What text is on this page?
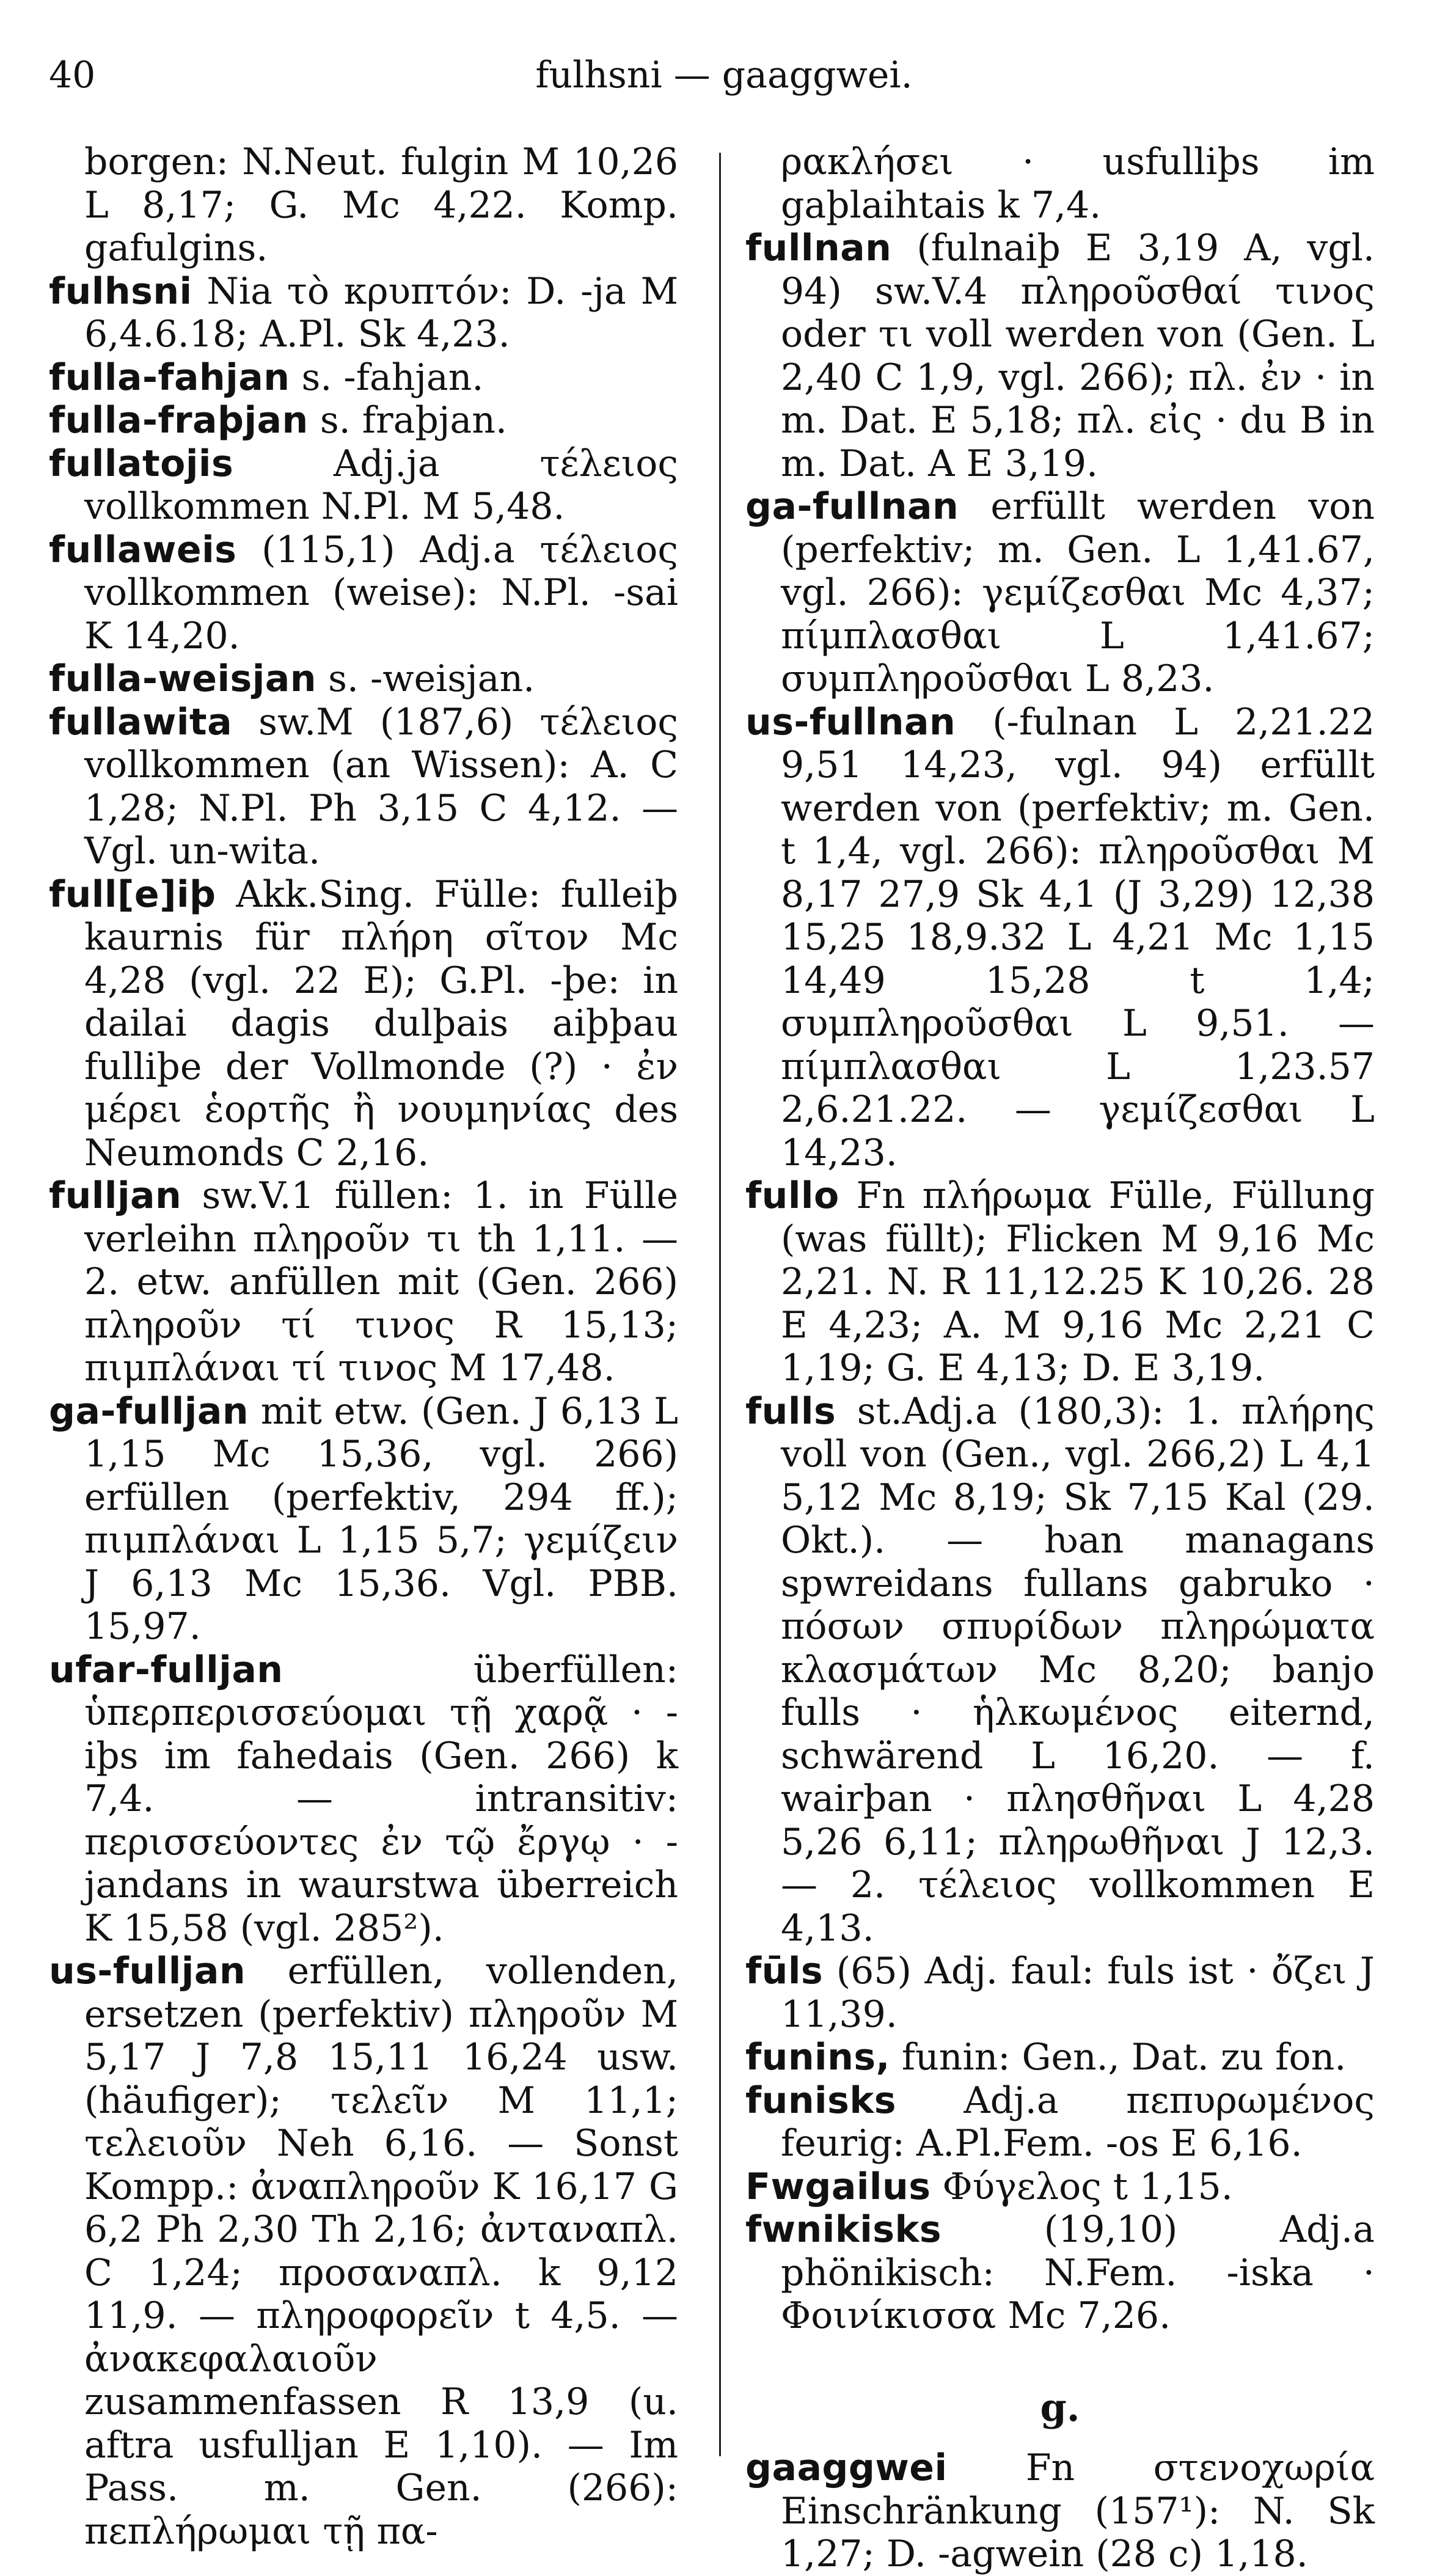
40	fulhsni — gaaggwei.

borgen: N.Neut. fulgin M 10,26 L 8,17; G. Mc 4,22. Komp. gafulgins.

fulhsni Nia τὸ κρυπτόν: D. -ja M 6,4.6.18; A.Pl. Sk 4,23.

fulla-fahjan s. -fahjan.

fulla-fraþjan s. fraþjan.

fullatojis	Adj.ja τέλειος vollkommen N.Pl. M 5,48.

fullaweis (115,1) Adj.a τέλειος vollkommen (weise): N.Pl. -sai K 14,20.

fulla-weisjan s. -weisjan.

fullawita sw.M (187,6) τέλειος vollkommen (an Wissen): A. C 1,28; N.Pl. Ph 3,15 C 4,12. — Vgl. un-wita.

full[e]iþ Akk.Sing. Fülle: fulleiþ kaurnis für πλήρη σῖτον Mc 4,28 (vgl. 22 E); G.Pl. -þe: in dailai dagis dulþais aiþþau fulliþe der Vollmonde (?) · ἐν μέρει ἑορτῆς ἢ νουμηνίας des Neumonds C 2,16.

fulljan sw.V.1 füllen: 1. in Fülle verleihn πληροῦν τι th 1,11. — 2. etw. anfüllen mit (Gen. 266) πληροῦν τί τινος R 15,13; πιμπλάναι τί τινος M 17,48.

ga-fulljan mit etw. (Gen. J 6,13 L 1,15 Mc 15,36, vgl. 266) erfüllen (perfektiv, 294 ff.); πιμπλάναι L 1,15 5,7; γεμίζειν J 6,13 Mc 15,36. Vgl. PBB. 15,97.

ufar-fulljan	überfüllen: ὑπερπερισσεύομαι τῇ χαρᾷ · -iþs im fahedais (Gen. 266) k 7,4. — intransitiv: περισσεύοντες ἐν τῷ ἔργῳ · -jandans in waurstwa überreich K 15,58 (vgl. 285²).

us-fulljan erfüllen, vollenden, ersetzen (perfektiv) πληροῦν M 5,17 J 7,8 15,11 16,24 usw. (häufiger); τελεῖν M 11,1; τελειοῦν Neh 6,16. — Sonst Kompp.: ἀναπληροῦν K 16,17 G 6,2 Ph 2,30 Th 2,16; ἀνταναπλ. C 1,24; προσαναπλ. k 9,12 11,9. — πληροφορεῖν t 4,5. — ἀνακεφαλαιοῦν zusammenfassen R 13,9 (u. aftra usfulljan E 1,10). — Im Pass. m. Gen. (266): πεπλήρωμαι τῇ πα-

ρακλήσει · usfulliþs im gaþlaihtais k 7,4.

fullnan (fulnaiþ E 3,19 A, vgl. 94) sw.V.4 πληροῦσθαί τινος oder τι voll werden von (Gen. L 2,40 C 1,9, vgl. 266); πλ. ἐν · in m. Dat. E 5,18; πλ. εἰς · du B in m. Dat. A E 3,19.

ga-fullnan erfüllt werden von (perfektiv; m. Gen. L 1,41.67, vgl. 266): γεμίζεσθαι Mc 4,37; πίμπλασθαι L 1,41.67; συμπληροῦσθαι L 8,23.

us-fullnan (-fulnan L 2,21.22 9,51 14,23, vgl. 94) erfüllt werden von (perfektiv; m. Gen. t 1,4, vgl. 266): πληροῦσθαι M 8,17 27,9 Sk 4,1 (J 3,29) 12,38 15,25 18,9.32 L 4,21 Mc 1,15 14,49 15,28 t 1,4; συμπληροῦσθαι L 9,51. — πίμπλασθαι L 1,23.57 2,6.21.22. — γεμίζεσθαι L 14,23.

fullo Fn πλήρωμα Fülle, Füllung (was füllt); Flicken M 9,16 Mc 2,21. N. R 11,12.25 K 10,26. 28 E 4,23; A. M 9,16 Mc 2,21 C 1,19; G. E 4,13; D. E 3,19.

fulls st.Adj.a (180,3): 1. πλήρης voll von (Gen., vgl. 266,2) L 4,1 5,12 Mc 8,19; Sk 7,15 Kal (29. Okt.). — ƕan managans spwreidans fullans gabruko · πόσων σπυρίδων πληρώματα κλασμάτων Mc 8,20; banjo fulls · ἡλκωμένος eiternd, schwärend L 16,20. — f. wairþan · πλησθῆναι L 4,28 5,26 6,11; πληρωθῆναι J 12,3. — 2. τέλειος vollkommen E 4,13.

fūls (65) Adj. faul: fuls ist · ὄζει J 11,39.

funins, funin: Gen., Dat. zu fon.

funisks Adj.a πεπυρωμένος feurig: A.Pl.Fem. -os E 6,16.

Fwgailus Φύγελος t 1,15.

fwnikisks	(19,10) Adj.a phönikisch: N.Fem. -iska · Φοινίκισσα Mc 7,26.

g.

gaaggwei Fn στενοχωρία Einschränkung (157¹): N. Sk 1,27; D. -agwein (28 c) 1,18.
